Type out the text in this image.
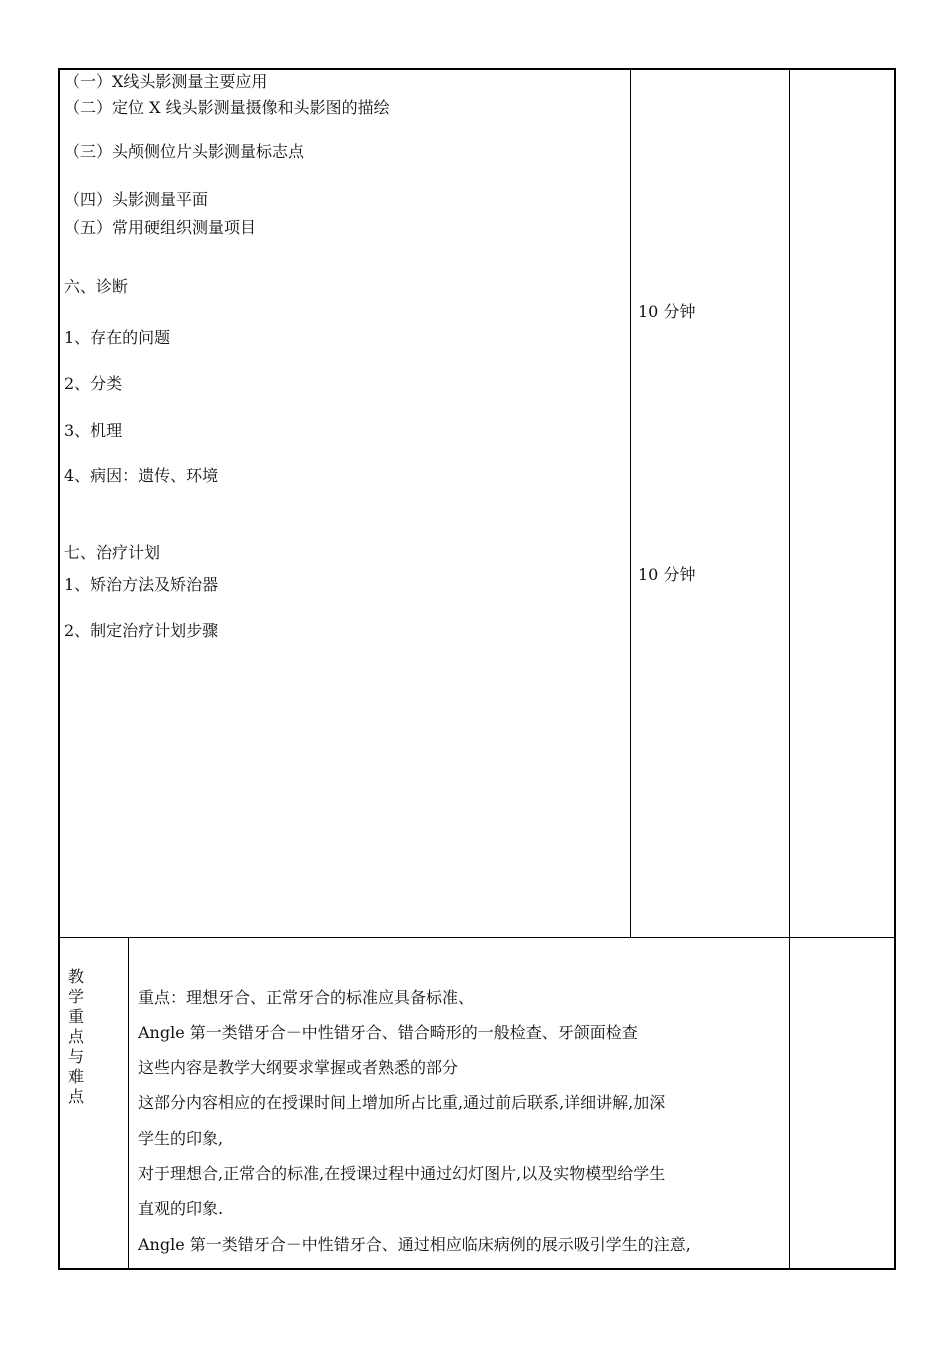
（一）X线头影测量主要应用
（二）定位 X 线头影测量摄像和头影图的描绘
（三）头颅侧位片头影测量标志点
（四）头影测量平面
（五）常用硬组织测量项目
六、诊断
1、存在的问题
2、分类
3、机理
4、病因：遗传、环境
七、治疗计划
1、矫治方法及矫治器
2、制定治疗计划步骤
10 分钟
10 分钟
教
学
重
点
与
难
点
重点：理想牙合、正常牙合的标准应具备标准、
Angle 第一类错牙合－中性错牙合、错合畸形的一般检查、牙颌面检查
这些内容是教学大纲要求掌握或者熟悉的部分
这部分内容相应的在授课时间上增加所占比重,通过前后联系,详细讲解,加深
学生的印象,
对于理想合,正常合的标准,在授课过程中通过幻灯图片,以及实物模型给学生
直观的印象.
Angle 第一类错牙合－中性错牙合、通过相应临床病例的展示吸引学生的注意,
